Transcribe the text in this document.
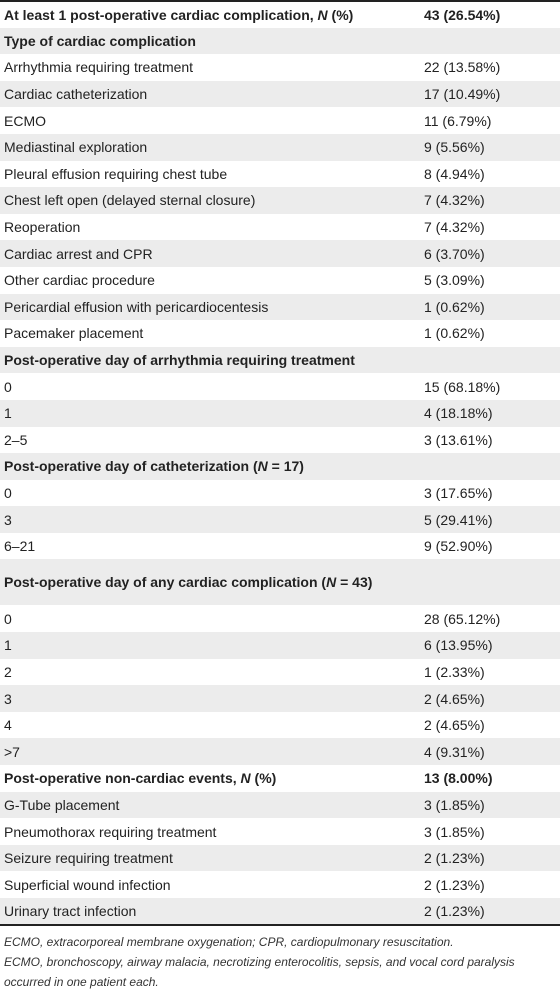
At least 1 post-operative cardiac complication, N (%)	43 (26.54%)
Type of cardiac complication	
Arrhythmia requiring treatment	22 (13.58%)
Cardiac catheterization	17 (10.49%)
ECMO	11 (6.79%)
Mediastinal exploration	9 (5.56%)
Pleural effusion requiring chest tube	8 (4.94%)
Chest left open (delayed sternal closure)	7 (4.32%)
Reoperation	7 (4.32%)
Cardiac arrest and CPR	6 (3.70%)
Other cardiac procedure	5 (3.09%)
Pericardial effusion with pericardiocentesis	1 (0.62%)
Pacemaker placement	1 (0.62%)
Post-operative day of arrhythmia requiring treatment	
0	15 (68.18%)
1	4 (18.18%)
2–5	3 (13.61%)
Post-operative day of catheterization (N = 17)	
0	3 (17.65%)
3	5 (29.41%)
6–21	9 (52.90%)
Post-operative day of any cardiac complication (N = 43)	
0	28 (65.12%)
1	6 (13.95%)
2	1 (2.33%)
3	2 (4.65%)
4	2 (4.65%)
>7	4 (9.31%)
Post-operative non-cardiac events, N (%)	13 (8.00%)
G-Tube placement	3 (1.85%)
Pneumothorax requiring treatment	3 (1.85%)
Seizure requiring treatment	2 (1.23%)
Superficial wound infection	2 (1.23%)
Urinary tract infection	2 (1.23%)
ECMO, extracorporeal membrane oxygenation; CPR, cardiopulmonary resuscitation.
ECMO, bronchoscopy, airway malacia, necrotizing enterocolitis, sepsis, and vocal cord paralysis occurred in one patient each.
